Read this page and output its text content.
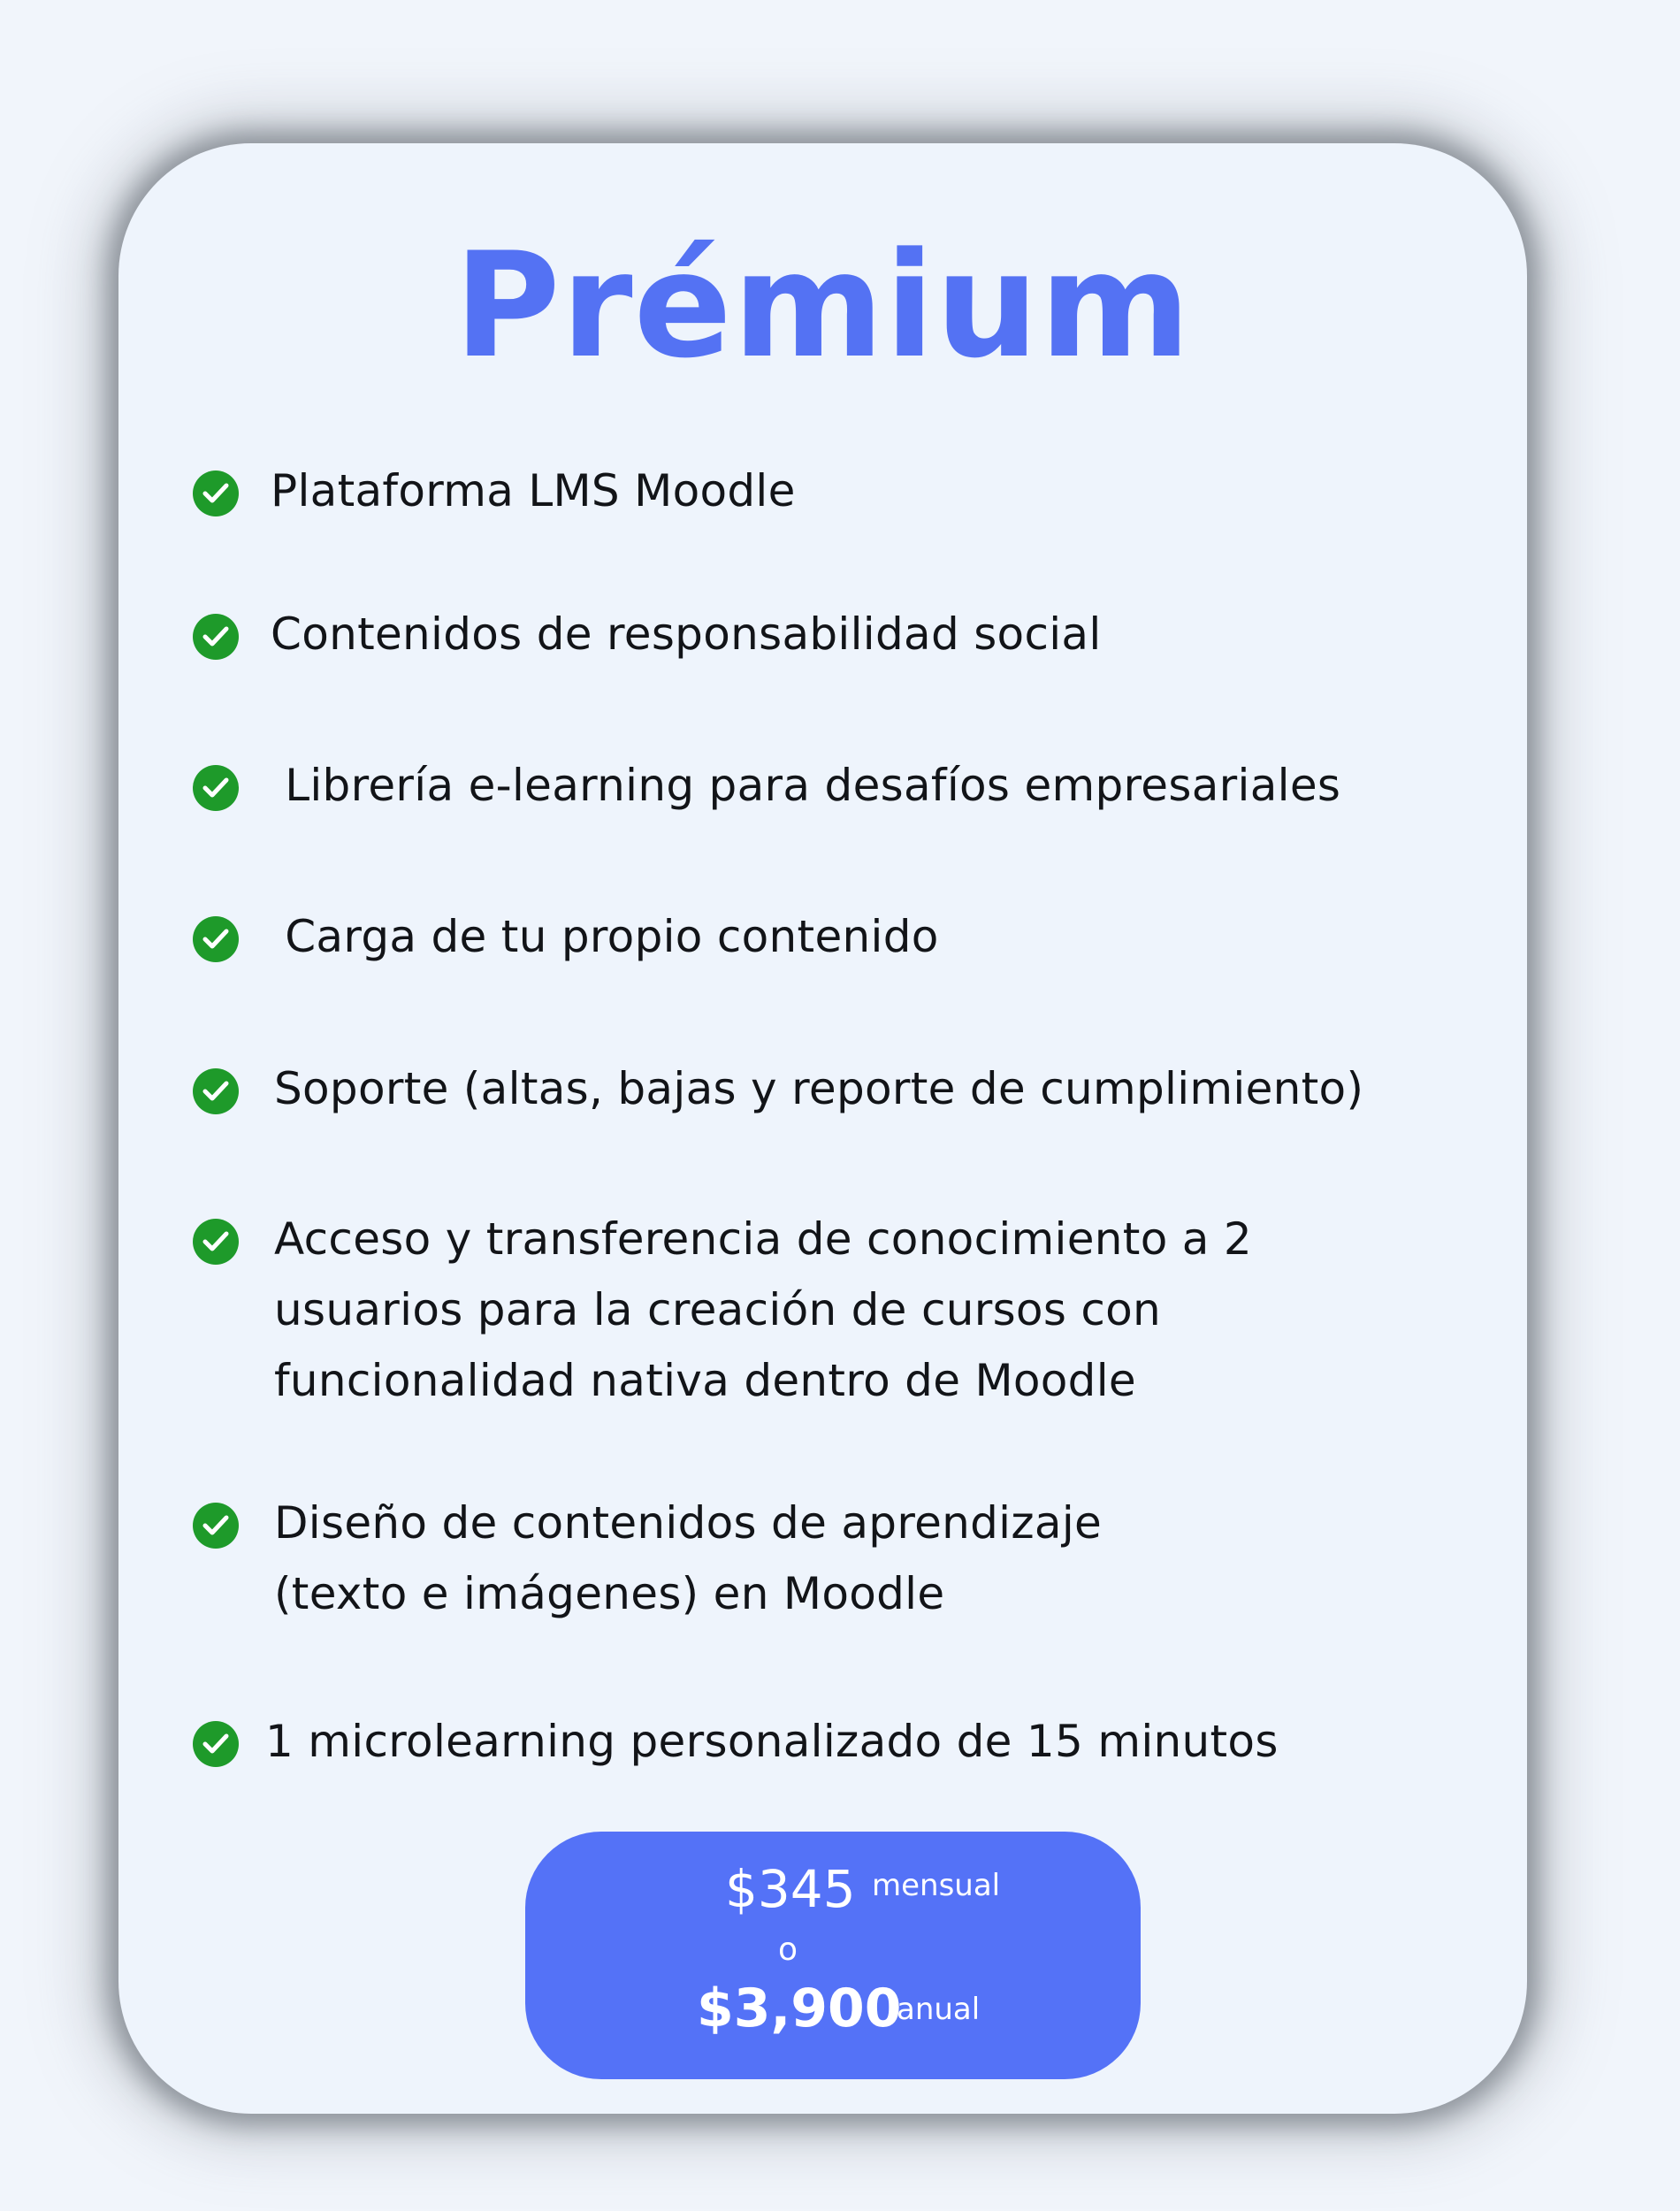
Prémium
Plataforma LMS Moodle
Contenidos de responsabilidad social
Librería e-learning para desafíos empresariales
Carga de tu propio contenido
Soporte (altas, bajas y reporte de cumplimiento)
Acceso y transferencia de conocimiento a 2
usuarios para la creación de cursos con
funcionalidad nativa dentro de Moodle
Diseño de contenidos de aprendizaje
(texto e imágenes) en Moodle
1 microlearning personalizado de 15 minutos
$345 mensual
o
$3,900
anual
